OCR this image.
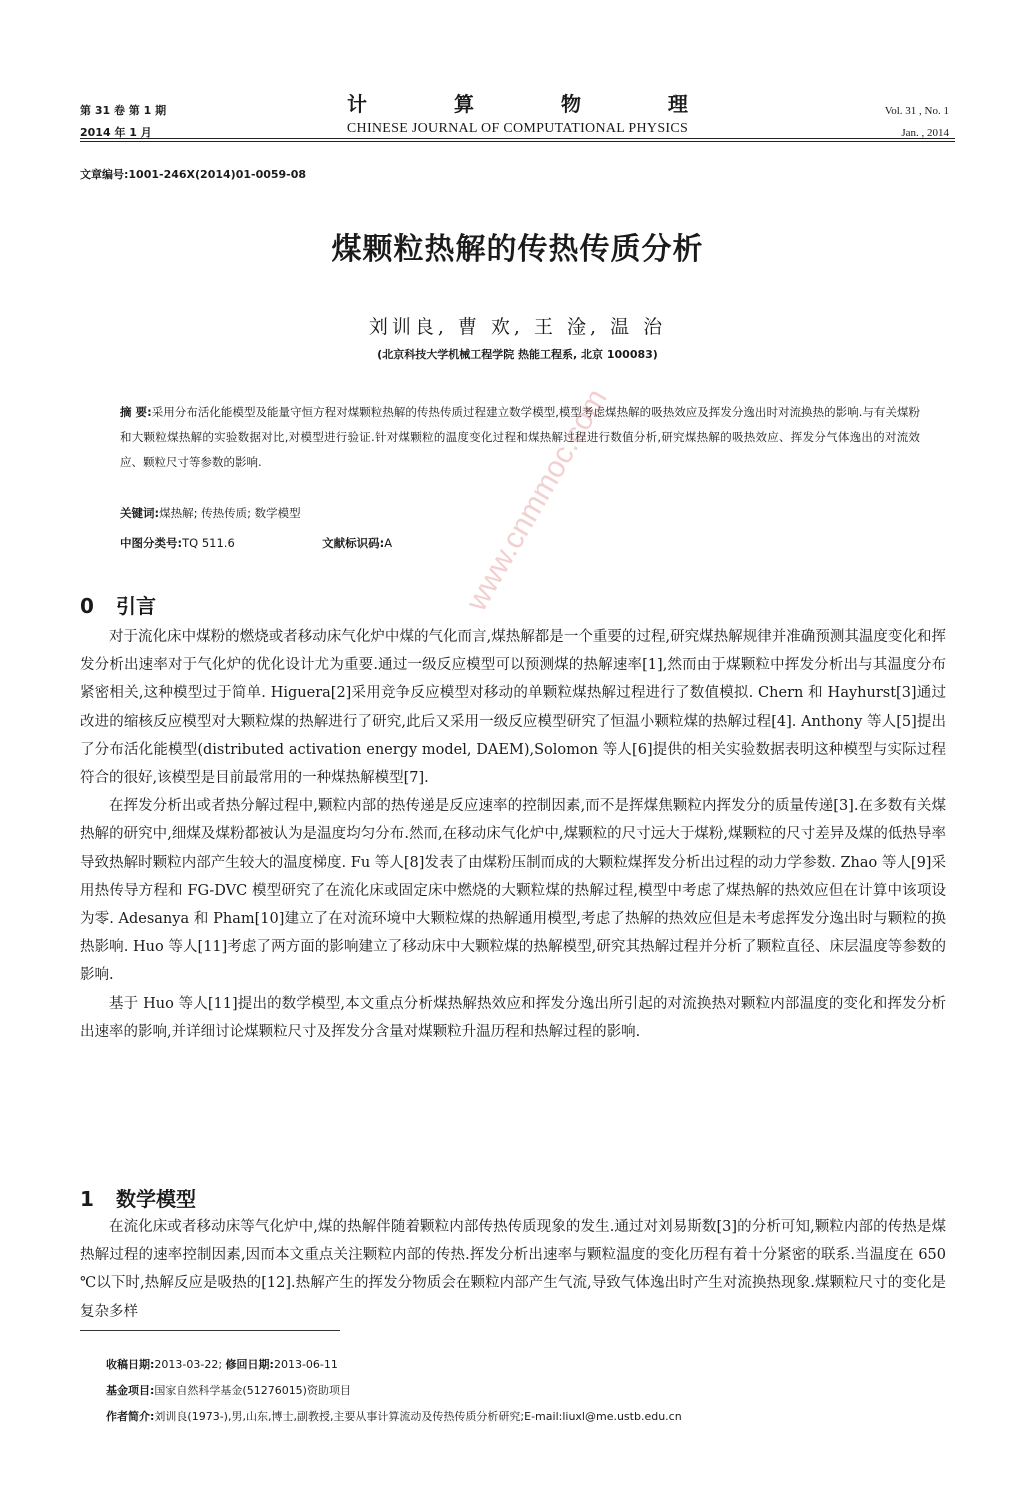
第 31 卷 第 1 期
2014 年 1 月
计 算 物 理
CHINESE JOURNAL OF COMPUTATIONAL PHYSICS
Vol. 31 , No. 1
Jan. , 2014
文章编号:1001-246X(2014)01-0059-08
煤颗粒热解的传热传质分析
刘训良, 曹 欢, 王 淦, 温 治
(北京科技大学机械工程学院 热能工程系, 北京 100083)
摘 要:采用分布活化能模型及能量守恒方程对煤颗粒热解的传热传质过程建立数学模型,模型考虑煤热解的吸热效应及挥发分逸出时对流换热的影响.与有关煤粉和大颗粒煤热解的实验数据对比,对模型进行验证.针对煤颗粒的温度变化过程和煤热解过程进行数值分析,研究煤热解的吸热效应、挥发分气体逸出的对流效应、颗粒尺寸等参数的影响.
关键词:煤热解; 传热传质; 数学模型
中图分类号:TQ 511.6	文献标识码:A
0 引言

对于流化床中煤粉的燃烧或者移动床气化炉中煤的气化而言,煤热解都是一个重要的过程,研究煤热解规律并准确预测其温度变化和挥发分析出速率对于气化炉的优化设计尤为重要.通过一级反应模型可以预测煤的热解速率[1],然而由于煤颗粒中挥发分析出与其温度分布紧密相关,这种模型过于简单. Higuera[2]采用竞争反应模型对移动的单颗粒煤热解过程进行了数值模拟. Chern 和 Hayhurst[3]通过改进的缩核反应模型对大颗粒煤的热解进行了研究,此后又采用一级反应模型研究了恒温小颗粒煤的热解过程[4]. Anthony 等人[5]提出了分布活化能模型(distributed activation energy model, DAEM),Solomon 等人[6]提供的相关实验数据表明这种模型与实际过程符合的很好,该模型是目前最常用的一种煤热解模型[7].

在挥发分析出或者热分解过程中,颗粒内部的热传递是反应速率的控制因素,而不是挥煤焦颗粒内挥发分的质量传递[3].在多数有关煤热解的研究中,细煤及煤粉都被认为是温度均匀分布.然而,在移动床气化炉中,煤颗粒的尺寸远大于煤粉,煤颗粒的尺寸差异及煤的低热导率导致热解时颗粒内部产生较大的温度梯度. Fu 等人[8]发表了由煤粉压制而成的大颗粒煤挥发分析出过程的动力学参数. Zhao 等人[9]采用热传导方程和 FG-DVC 模型研究了在流化床或固定床中燃烧的大颗粒煤的热解过程,模型中考虑了煤热解的热效应但在计算中该项设为零. Adesanya 和 Pham[10]建立了在对流环境中大颗粒煤的热解通用模型,考虑了热解的热效应但是未考虑挥发分逸出时与颗粒的换热影响. Huo 等人[11]考虑了两方面的影响建立了移动床中大颗粒煤的热解模型,研究其热解过程并分析了颗粒直径、床层温度等参数的影响.

基于 Huo 等人[11]提出的数学模型,本文重点分析煤热解热效应和挥发分逸出所引起的对流换热对颗粒内部温度的变化和挥发分析出速率的影响,并详细讨论煤颗粒尺寸及挥发分含量对煤颗粒升温历程和热解过程的影响.

1 数学模型

在流化床或者移动床等气化炉中,煤的热解伴随着颗粒内部传热传质现象的发生.通过对刘易斯数[3]的分析可知,颗粒内部的传热是煤热解过程的速率控制因素,因而本文重点关注颗粒内部的传热.挥发分析出速率与颗粒温度的变化历程有着十分紧密的联系.当温度在 650 ℃以下时,热解反应是吸热的[12].热解产生的挥发分物质会在颗粒内部产生气流,导致气体逸出时产生对流换热现象.煤颗粒尺寸的变化是复杂多样

收稿日期:2013-03-22; 修回日期:2013-06-11
基金项目:国家自然科学基金(51276015)资助项目
作者简介:刘训良(1973-),男,山东,博士,副教授,主要从事计算流动及传热传质分析研究;E-mail:liuxl@me.ustb.edu.cn
www.cnmmoc.com
